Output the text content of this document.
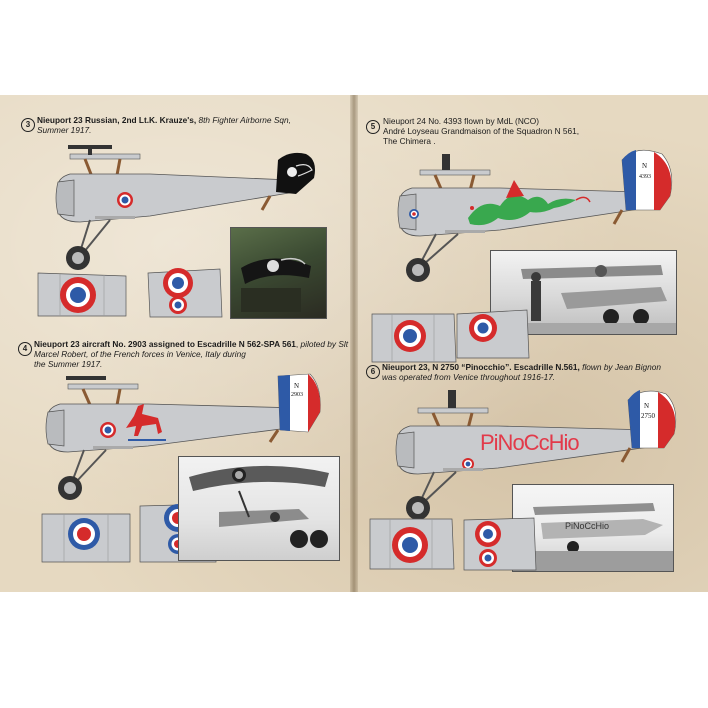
3 Nieuport 23 Russian, 2nd Lt.K. Krauze's, 8th Fighter Airborne Sqn,
Summer 1917.
4 Nieuport 23 aircraft No. 2903 assigned to Escadrille N 562-SPA 561, piloted by Slt Marcel Robert, of the French forces in Venice, Italy during
the Summer 1917.
N
2903
5
Nieuport 24 No. 4393 flown by MdL (NCO)
André Loyseau Grandmaison of the Squadron N 561,
The Chimera .
N
4393
6 Nieuport 23, N 2750 “Pinocchio”. Escadrille N.561, flown by Jean Bignon
was operated from Venice throughout 1916-17.
PiNoCcHio
N
2750
PiNoCcHio
